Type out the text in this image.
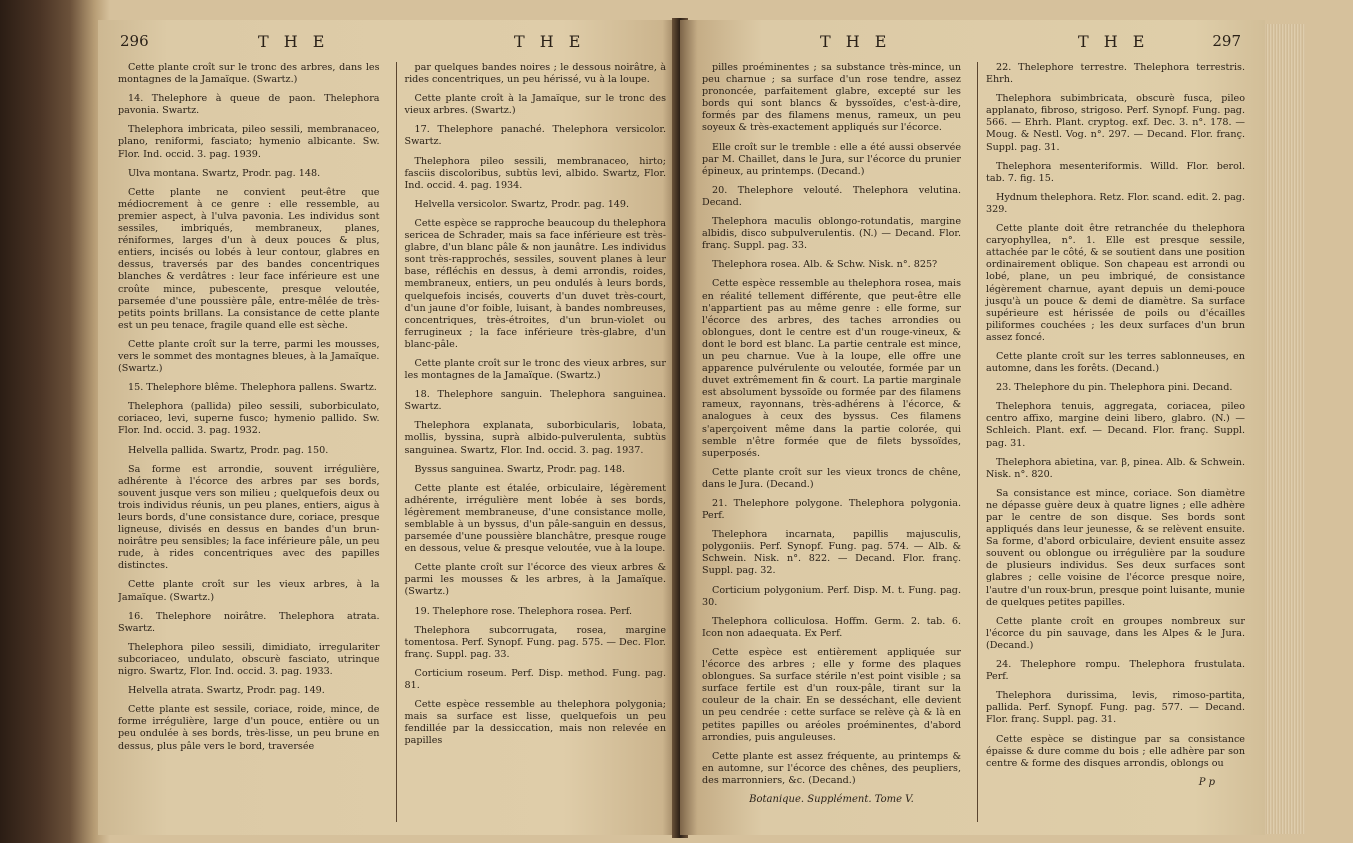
296	T H E	T H E

Cette plante croît sur le tronc des arbres, dans les montagnes de la Jamaïque. (Swartz.)

14. Thelephore à queue de paon. Thelephora pavonia. Swartz.

Thelephora imbricata, pileo sessili, membranaceo, plano, reniformi, fasciato; hymenio albicante. Sw. Flor. Ind. occid. 3. pag. 1939.

Ulva montana. Swartz, Prodr. pag. 148.

Cette plante ne convient peut-être que médiocrement à ce genre : elle ressemble, au premier aspect, à l'ulva pavonia. Les individus sont sessiles, imbriqués, membraneux, planes, réniformes, larges d'un à deux pouces & plus, entiers, incisés ou lobés à leur contour, glabres en dessus, traversés par des bandes concentriques blanches & verdâtres : leur face inférieure est une croûte mince, pubescente, presque veloutée, parsemée d'une poussière pâle, entre-mêlée de très-petits points brillans. La consistance de cette plante est un peu tenace, fragile quand elle est sèche.

Cette plante croît sur la terre, parmi les mousses, vers le sommet des montagnes bleues, à la Jamaïque. (Swartz.)

15. Thelephore blême. Thelephora pallens. Swartz.

Thelephora (pallida) pileo sessili, suborbiculato, coriaceo, levi, superne fusco; hymenio pallido. Sw. Flor. Ind. occid. 3. pag. 1932.

Helvella pallida. Swartz, Prodr. pag. 150.

Sa forme est arrondie, souvent irrégulière, adhérente à l'écorce des arbres par ses bords, souvent jusque vers son milieu ; quelquefois deux ou trois individus réunis, un peu planes, entiers, aigus à leurs bords, d'une consistance dure, coriace, presque ligneuse, divisés en dessus en bandes d'un brun-noirâtre peu sensibles; la face inférieure pâle, un peu rude, à rides concentriques avec des papilles distinctes.

Cette plante croît sur les vieux arbres, à la Jamaïque. (Swartz.)

16. Thelephore noirâtre. Thelephora atrata. Swartz.

Thelephora pileo sessili, dimidiato, irregulariter subcoriaceo, undulato, obscurè fasciato, utrinque nigro. Swartz, Flor. Ind. occid. 3. pag. 1933.

Helvella atrata. Swartz, Prodr. pag. 149.

Cette plante est sessile, coriace, roide, mince, de forme irrégulière, large d'un pouce, entière ou un peu ondulée à ses bords, très-lisse, un peu brune en dessus, plus pâle vers le bord, traversée

par quelques bandes noires ; le dessous noirâtre, à rides concentriques, un peu hérissé, vu à la loupe.

Cette plante croît à la Jamaïque, sur le tronc des vieux arbres. (Swartz.)

17. Thelephore panaché. Thelephora versicolor. Swartz.

Thelephora pileo sessili, membranaceo, hirto; fasciis discoloribus, subtùs levi, albido. Swartz, Flor. Ind. occid. 4. pag. 1934.

Helvella versicolor. Swartz, Prodr. pag. 149.

Cette espèce se rapproche beaucoup du thelephora sericea de Schrader, mais sa face inférieure est très-glabre, d'un blanc pâle & non jaunâtre. Les individus sont très-rapprochés, sessiles, souvent planes à leur base, réfléchis en dessus, à demi arrondis, roides, membraneux, entiers, un peu ondulés à leurs bords, quelquefois incisés, couverts d'un duvet très-court, d'un jaune d'or foible, luisant, à bandes nombreuses, concentriques, très-étroites, d'un brun-violet ou ferrugineux ; la face inférieure très-glabre, d'un blanc-pâle.

Cette plante croît sur le tronc des vieux arbres, sur les montagnes de la Jamaïque. (Swartz.)

18. Thelephore sanguin. Thelephora sanguinea. Swartz.

Thelephora explanata, suborbicularis, lobata, mollis, byssina, suprà albido-pulverulenta, subtùs sanguinea. Swartz, Flor. Ind. occid. 3. pag. 1937.

Byssus sanguinea. Swartz, Prodr. pag. 148.

Cette plante est étalée, orbiculaire, légèrement adhérente, irrégulière ment lobée à ses bords, légèrement membraneuse, d'une consistance molle, semblable à un byssus, d'un pâle-sanguin en dessus, parsemée d'une poussière blanchâtre, presque rouge en dessous, velue & presque veloutée, vue à la loupe.

Cette plante croît sur l'écorce des vieux arbres & parmi les mousses & les arbres, à la Jamaïque. (Swartz.)

19. Thelephore rose. Thelephora rosea. Perf.

Thelephora subcorrugata, rosea, margine tomentosa. Perf. Synopf. Fung. pag. 575. — Dec. Flor. franç. Suppl. pag. 33.

Corticium roseum. Perf. Disp. method. Fung. pag. 81.

Cette espèce ressemble au thelephora polygonia; mais sa surface est lisse, quelquefois un peu fendillée par la dessiccation, mais non relevée en papilles

T H E	T H E	297

pilles proéminentes ; sa substance très-mince, un peu charnue ; sa surface d'un rose tendre, assez prononcée, parfaitement glabre, excepté sur les bords qui sont blancs & byssoïdes, c'est-à-dire, formés par des filamens menus, rameux, un peu soyeux & très-exactement appliqués sur l'écorce.

Elle croît sur le tremble : elle a été aussi observée par M. Chaillet, dans le Jura, sur l'écorce du prunier épineux, au printemps. (Decand.)

20. Thelephore velouté. Thelephora velutina. Decand.

Thelephora maculis oblongo-rotundatis, margine albidis, disco subpulverulentis. (N.) — Decand. Flor. franç. Suppl. pag. 33.

Thelephora rosea. Alb. & Schw. Nisk. n°. 825?

Cette espèce ressemble au thelephora rosea, mais en réalité tellement différente, que peut-être elle n'appartient pas au même genre : elle forme, sur l'écorce des arbres, des taches arrondies ou oblongues, dont le centre est d'un rouge-vineux, & dont le bord est blanc. La partie centrale est mince, un peu charnue. Vue à la loupe, elle offre une apparence pulvérulente ou veloutée, formée par un duvet extrêmement fin & court. La partie marginale est absolument byssoïde ou formée par des filamens rameux, rayonnans, très-adhérens à l'écorce, & analogues à ceux des byssus. Ces filamens s'aperçoivent même dans la partie colorée, qui semble n'être formée que de filets byssoïdes, superposés.

Cette plante croît sur les vieux troncs de chêne, dans le Jura. (Decand.)

21. Thelephore polygone. Thelephora polygonia. Perf.

Thelephora incarnata, papillis majusculis, polygoniis. Perf. Synopf. Fung. pag. 574. — Alb. & Schwein. Nisk. n°. 822. — Decand. Flor. franç. Suppl. pag. 32.

Corticium polygonium. Perf. Disp. M. t. Fung. pag. 30.

Thelephora colliculosa. Hoffm. Germ. 2. tab. 6. Icon non adaequata. Ex Perf.

Cette espèce est entièrement appliquée sur l'écorce des arbres ; elle y forme des plaques oblongues. Sa surface stérile n'est point visible ; sa surface fertile est d'un roux-pâle, tirant sur la couleur de la chair. En se desséchant, elle devient un peu cendrée : cette surface se relève çà & là en petites papilles ou aréoles proéminentes, d'abord arrondies, puis anguleuses.

Cette plante est assez fréquente, au printemps & en automne, sur l'écorce des chênes, des peupliers, des marronniers, &c. (Decand.)

Botanique. Supplément. Tome V.

22. Thelephore terrestre. Thelephora terrestris. Ehrh.

Thelephora subimbricata, obscurè fusca, pileo applanato, fibroso, strigoso. Perf. Synopf. Fung. pag. 566. — Ehrh. Plant. cryptog. exf. Dec. 3. n°. 178. — Moug. & Nestl. Vog. n°. 297. — Decand. Flor. franç. Suppl. pag. 31.

Thelephora mesenteriformis. Willd. Flor. berol. tab. 7. fig. 15.

Hydnum thelephora. Retz. Flor. scand. edit. 2. pag. 329.

Cette plante doit être retranchée du thelephora caryophyllea, n°. 1. Elle est presque sessile, attachée par le côté, & se soutient dans une position ordinairement oblique. Son chapeau est arrondi ou lobé, plane, un peu imbriqué, de consistance légèrement charnue, ayant depuis un demi-pouce jusqu'à un pouce & demi de diamètre. Sa surface supérieure est hérissée de poils ou d'écailles piliformes couchées ; les deux surfaces d'un brun assez foncé.

Cette plante croît sur les terres sablonneuses, en automne, dans les forêts. (Decand.)

23. Thelephore du pin. Thelephora pini. Decand.

Thelephora tenuis, aggregata, coriacea, pileo centro affixo, margine deini libero, glabro. (N.) — Schleich. Plant. exf. — Decand. Flor. franç. Suppl. pag. 31.

Thelephora abietina, var. β, pinea. Alb. & Schwein. Nisk. n°. 820.

Sa consistance est mince, coriace. Son diamètre ne dépasse guère deux à quatre lignes ; elle adhère par le centre de son disque. Ses bords sont appliqués dans leur jeunesse, & se relèvent ensuite. Sa forme, d'abord orbiculaire, devient ensuite assez souvent ou oblongue ou irrégulière par la soudure de plusieurs individus. Ses deux surfaces sont glabres ; celle voisine de l'écorce presque noire, l'autre d'un roux-brun, presque point luisante, munie de quelques petites papilles.

Cette plante croît en groupes nombreux sur l'écorce du pin sauvage, dans les Alpes & le Jura. (Decand.)

24. Thelephore rompu. Thelephora frustulata. Perf.

Thelephora durissima, levis, rimoso-partita, pallida. Perf. Synopf. Fung. pag. 577. — Decand. Flor. franç. Suppl. pag. 31.

Cette espèce se distingue par sa consistance épaisse & dure comme du bois ; elle adhère par son centre & forme des disques arrondis, oblongs ou

P p
